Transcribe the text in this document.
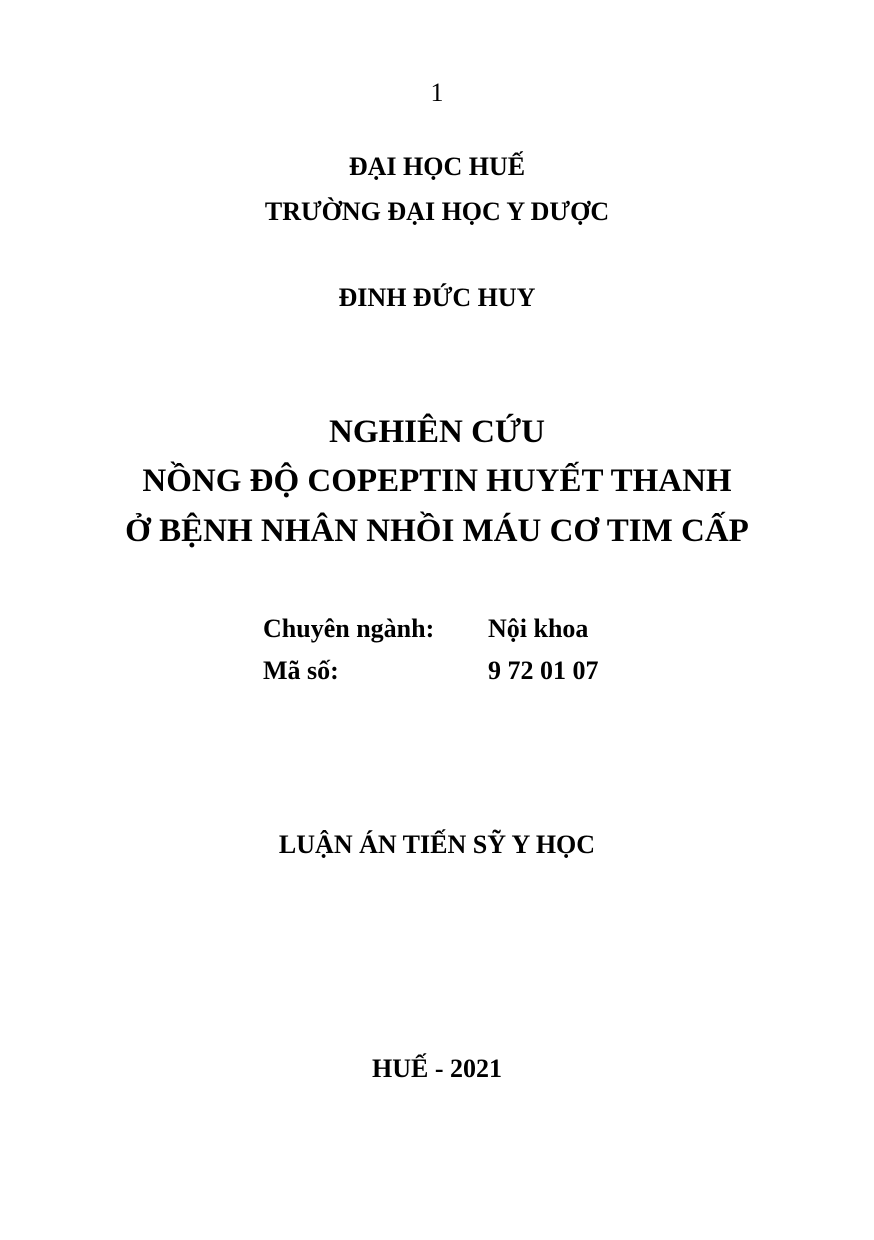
1
ĐẠI HỌC HUẾ
TRƯỜNG ĐẠI HỌC Y DƯỢC
ĐINH ĐỨC HUY
NGHIÊN CỨU
NỒNG ĐỘ COPEPTIN HUYẾT THANH
Ở BỆNH NHÂN NHỒI MÁU CƠ TIM CẤP
Chuyên ngành: Nội khoa
Mã số:	9 72 01 07
LUẬN ÁN TIẾN SỸ Y HỌC
HUẾ - 2021
